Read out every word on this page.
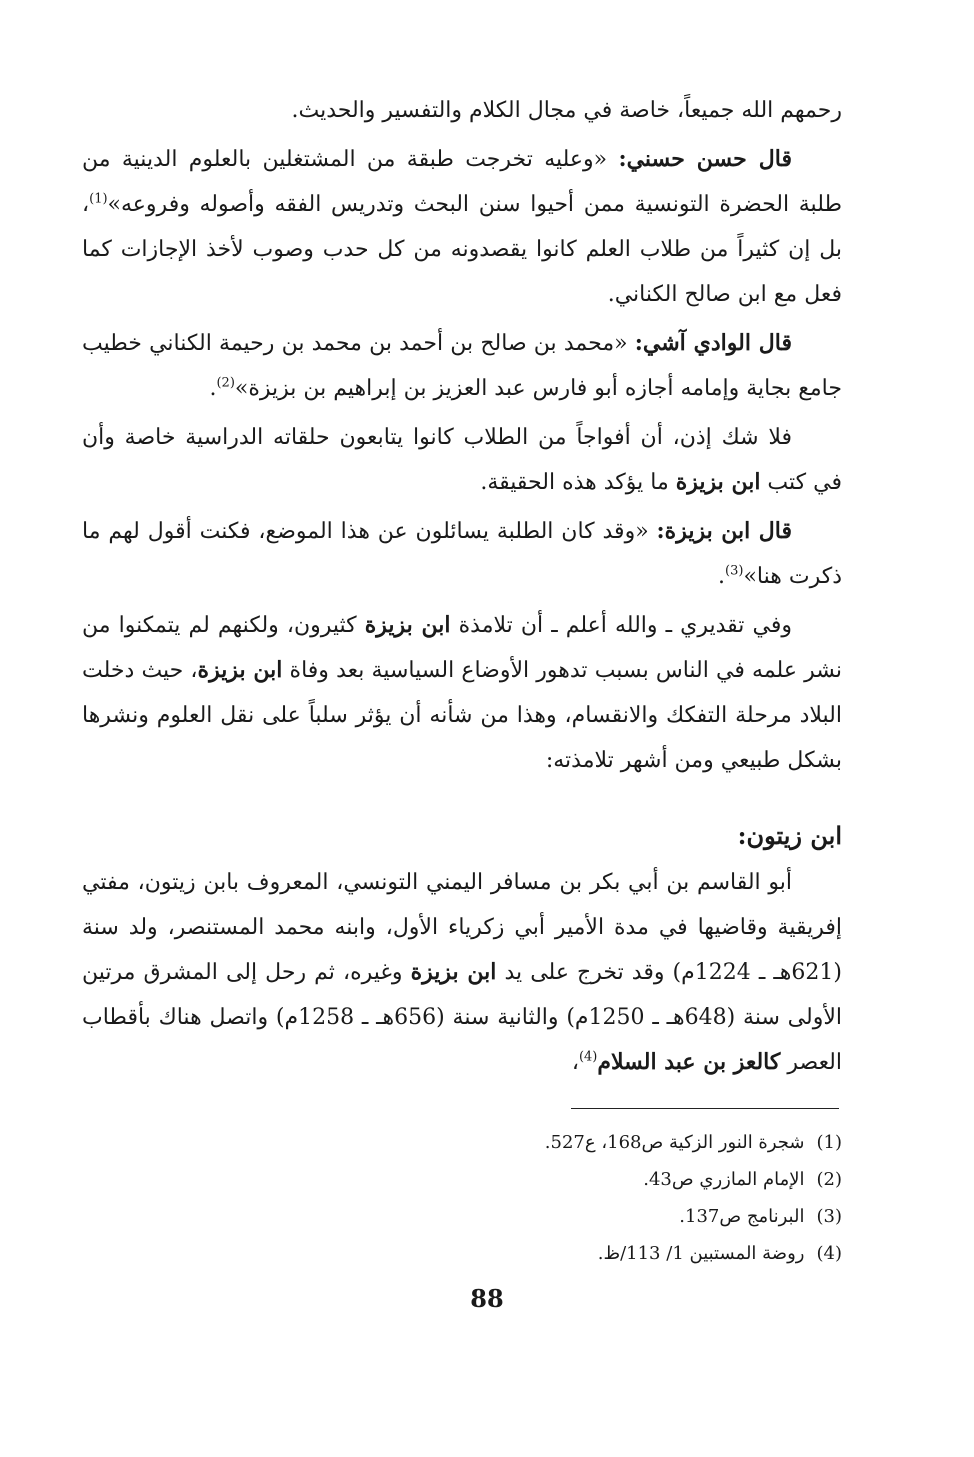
رحمهم الله جميعاً، خاصة في مجال الكلام والتفسير والحديث.

قال حسن حسني: «وعليه تخرجت طبقة من المشتغلين بالعلوم الدينية من طلبة الحضرة التونسية ممن أحيوا سنن البحث وتدريس الفقه وأصوله وفروعه»$^{(1)}$، بل إن كثيراً من طلاب العلم كانوا يقصدونه من كل حدب وصوب لأخذ الإجازات كما فعل مع ابن صالح الكناني.

قال الوادي آشي: «محمد بن صالح بن أحمد بن محمد بن رحيمة الكناني خطيب جامع بجاية وإمامه أجازه أبو فارس عبد العزيز بن إبراهيم بن بزيزة»$^{(2)}$.

فلا شك إذن، أن أفواجاً من الطلاب كانوا يتابعون حلقاته الدراسية خاصة وأن في كتب ابن بزيزة ما يؤكد هذه الحقيقة.

قال ابن بزيزة: «وقد كان الطلبة يسائلون عن هذا الموضع، فكنت أقول لهم ما ذكرت هنا»$^{(3)}$.

وفي تقديري ـ والله أعلم ـ أن تلامذة ابن بزيزة كثيرون، ولكنهم لم يتمكنوا من نشر علمه في الناس بسبب تدهور الأوضاع السياسية بعد وفاة ابن بزيزة، حيث دخلت البلاد مرحلة التفكك والانقسام، وهذا من شأنه أن يؤثر سلباً على نقل العلوم ونشرها بشكل طبيعي ومن أشهر تلامذته:

ابن زيتون:

أبو القاسم بن أبي بكر بن مسافر اليمني التونسي، المعروف بابن زيتون، مفتي إفريقية وقاضيها في مدة الأمير أبي زكرياء الأول، وابنه محمد المستنصر، ولد سنة (621هـ ـ 1224م) وقد تخرج على يد ابن بزيزة وغيره، ثم رحل إلى المشرق مرتين الأولى سنة (648هـ ـ 1250م) والثانية سنة (656هـ ـ 1258م) واتصل هناك بأقطاب العصر كالعز بن عبد السلام$^{(4)}$،

(1)شجرة النور الزكية ص168، ع527.
(2)الإمام المازري ص43.
(3)البرنامج ص137.
(4)روضة المستبين 1/ 113/ظ.
88
